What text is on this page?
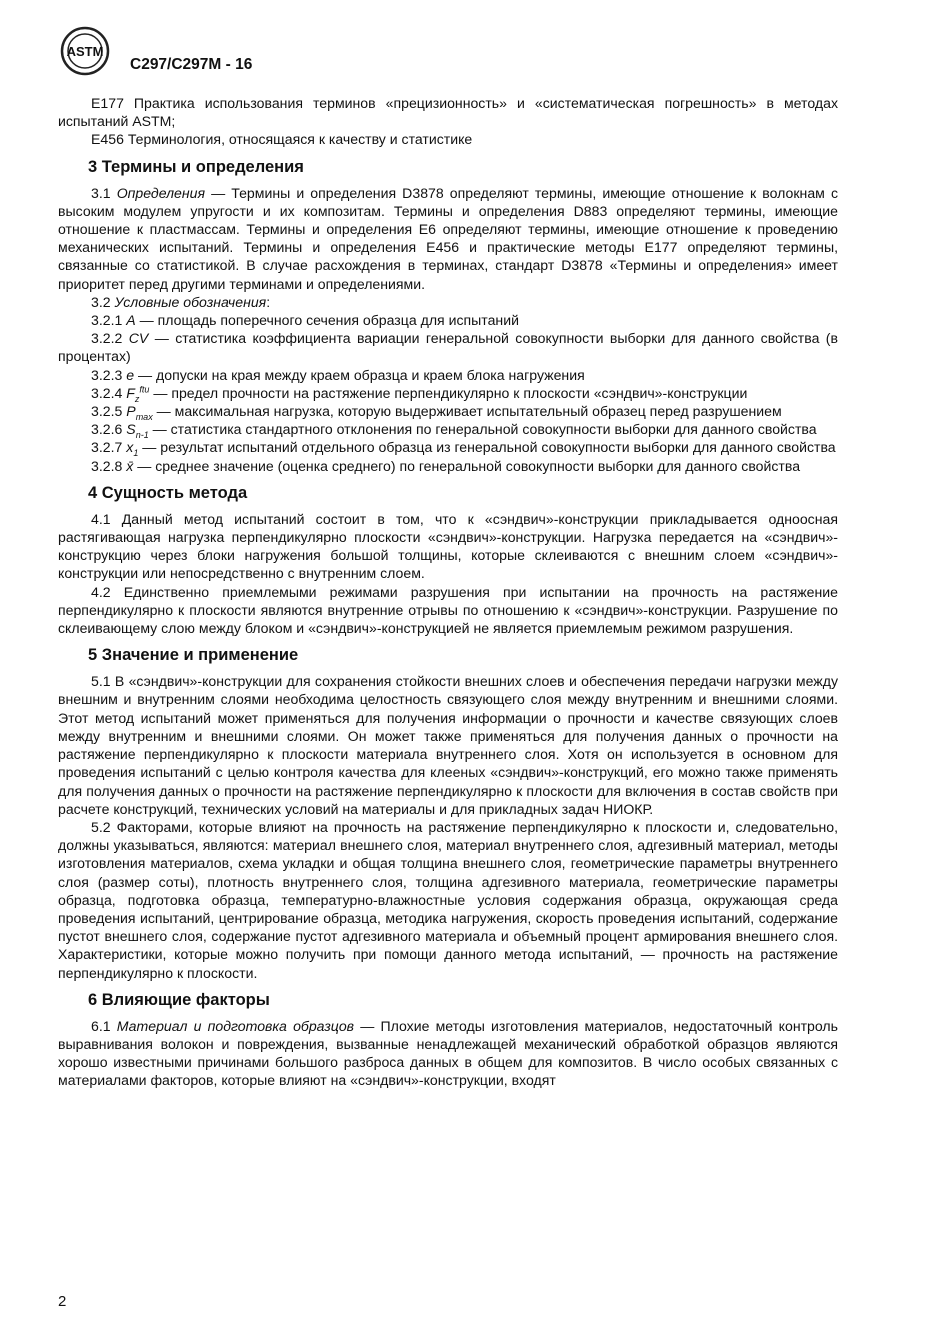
ASTM
C297/C297M - 16

E177 Практика использования терминов «прецизионность» и «систематическая погрешность» в методах испытаний ASTM;

E456 Терминология, относящаяся к качеству и статистике

3 Термины и определения

3.1 Определения — Термины и определения D3878 определяют термины, имеющие отношение к волокнам с высоким модулем упругости и их композитам. Термины и определения D883 определяют термины, имеющие отношение к пластмассам. Термины и определения E6 определяют термины, имеющие отношение к проведению механических испытаний. Термины и определения E456 и практические методы E177 определяют термины, связанные со статистикой. В случае расхождения в терминах, стандарт D3878 «Термины и определения» имеет приоритет перед другими терминами и определениями.

3.2 Условные обозначения:

3.2.1 A — площадь поперечного сечения образца для испытаний

3.2.2 CV — статистика коэффициента вариации генеральной совокупности выборки для данного свойства (в процентах)

3.2.3 e — допуски на края между краем образца и краем блока нагружения

3.2.4 $F_z^{ftu}$ — предел прочности на растяжение перпендикулярно к плоскости «сэндвич»-конструкции

3.2.5 $P_{max}$ — максимальная нагрузка, которую выдерживает испытательный образец перед разрушением

3.2.6 $S_{n-1}$ — статистика стандартного отклонения по генеральной совокупности выборки для данного свойства

3.2.7 $x_1$ — результат испытаний отдельного образца из генеральной совокупности выборки для данного свойства

3.2.8 x̄ — среднее значение (оценка среднего) по генеральной совокупности выборки для данного свойства

4 Сущность метода

4.1 Данный метод испытаний состоит в том, что к «сэндвич»-конструкции прикладывается одноосная растягивающая нагрузка перпендикулярно плоскости «сэндвич»-конструкции. Нагрузка передается на «сэндвич»-конструкцию через блоки нагружения большой толщины, которые склеиваются с внешним слоем «сэндвич»-конструкции или непосредственно с внутренним слоем.

4.2 Единственно приемлемыми режимами разрушения при испытании на прочность на растяжение перпендикулярно к плоскости являются внутренние отрывы по отношению к «сэндвич»-конструкции. Разрушение по склеивающему слою между блоком и «сэндвич»-конструкцией не является приемлемым режимом разрушения.

5 Значение и применение

5.1 В «сэндвич»-конструкции для сохранения стойкости внешних слоев и обеспечения передачи нагрузки между внешним и внутренним слоями необходима целостность связующего слоя между внутренним и внешними слоями. Этот метод испытаний может применяться для получения информации о прочности и качестве связующих слоев между внутренним и внешними слоями. Он может также применяться для получения данных о прочности на растяжение перпендикулярно к плоскости материала внутреннего слоя. Хотя он используется в основном для проведения испытаний с целью контроля качества для клееных «сэндвич»-конструкций, его можно также применять для получения данных о прочности на растяжение перпендикулярно к плоскости для включения в состав свойств при расчете конструкций, технических условий на материалы и для прикладных задач НИОКР.

5.2 Факторами, которые влияют на прочность на растяжение перпендикулярно к плоскости и, следовательно, должны указываться, являются: материал внешнего слоя, материал внутреннего слоя, адгезивный материал, методы изготовления материалов, схема укладки и общая толщина внешнего слоя, геометрические параметры внутреннего слоя (размер соты), плотность внутреннего слоя, толщина адгезивного материала, геометрические параметры образца, подготовка образца, температурно-влажностные условия содержания образца, окружающая среда проведения испытаний, центрирование образца, методика нагружения, скорость проведения испытаний, содержание пустот внешнего слоя, содержание пустот адгезивного материала и объемный процент армирования внешнего слоя. Характеристики, которые можно получить при помощи данного метода испытаний, — прочность на растяжение перпендикулярно к плоскости.

6 Влияющие факторы

6.1 Материал и подготовка образцов — Плохие методы изготовления материалов, недостаточный контроль выравнивания волокон и повреждения, вызванные ненадлежащей механический обработкой образцов являются хорошо известными причинами большого разброса данных в общем для композитов. В число особых связанных с материалами факторов, которые влияют на «сэндвич»-конструкции, входят

2
